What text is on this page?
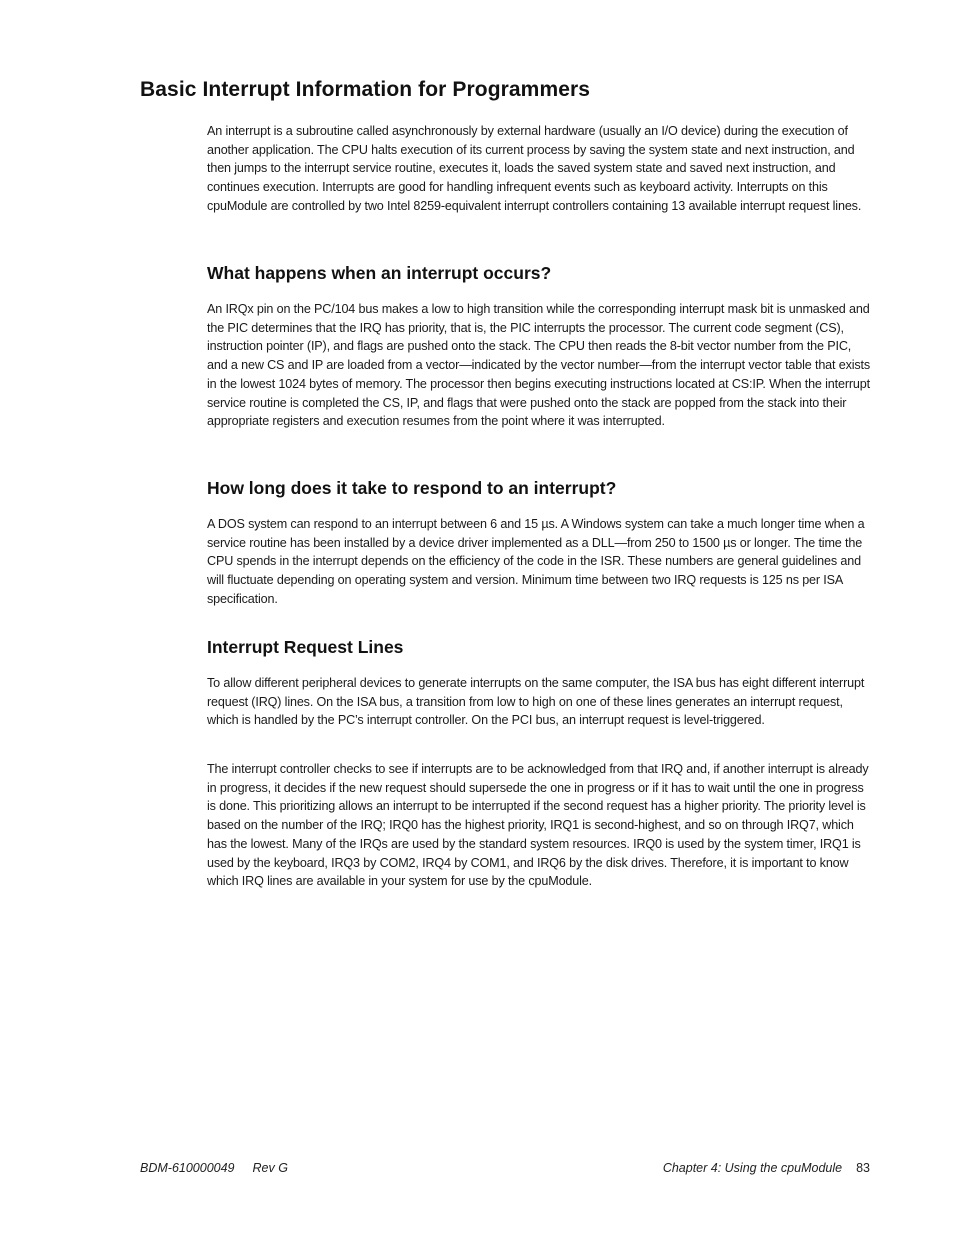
Basic Interrupt Information for Programmers

An interrupt is a subroutine called asynchronously by external hardware (usually an I/O device) during the execution of another application. The CPU halts execution of its current process by saving the system state and next instruction, and then jumps to the interrupt service routine, executes it, loads the saved system state and saved next instruction, and continues execution. Interrupts are good for handling infrequent events such as keyboard activity. Interrupts on this cpuModule are controlled by two Intel 8259-equivalent interrupt controllers containing 13 available interrupt request lines.

What happens when an interrupt occurs?

An IRQx pin on the PC/104 bus makes a low to high transition while the corresponding interrupt mask bit is unmasked and the PIC determines that the IRQ has priority, that is, the PIC interrupts the processor. The current code segment (CS), instruction pointer (IP), and flags are pushed onto the stack. The CPU then reads the 8-bit vector number from the PIC, and a new CS and IP are loaded from a vector—indicated by the vector number—from the interrupt vector table that exists in the lowest 1024 bytes of memory. The processor then begins executing instructions located at CS:IP. When the interrupt service routine is completed the CS, IP, and flags that were pushed onto the stack are popped from the stack into their appropriate registers and execution resumes from the point where it was interrupted.

How long does it take to respond to an interrupt?

A DOS system can respond to an interrupt between 6 and 15 µs. A Windows system can take a much longer time when a service routine has been installed by a device driver implemented as a DLL—from 250 to 1500 µs or longer. The time the CPU spends in the interrupt depends on the efficiency of the code in the ISR. These numbers are general guidelines and will fluctuate depending on operating system and version. Minimum time between two IRQ requests is 125 ns per ISA specification.

Interrupt Request Lines

To allow different peripheral devices to generate interrupts on the same computer, the ISA bus has eight different interrupt request (IRQ) lines. On the ISA bus, a transition from low to high on one of these lines generates an interrupt request, which is handled by the PC’s interrupt controller. On the PCI bus, an interrupt request is level-triggered.

The interrupt controller checks to see if interrupts are to be acknowledged from that IRQ and, if another interrupt is already in progress, it decides if the new request should supersede the one in progress or if it has to wait until the one in progress is done. This prioritizing allows an interrupt to be interrupted if the second request has a higher priority. The priority level is based on the number of the IRQ; IRQ0 has the highest priority, IRQ1 is second-highest, and so on through IRQ7, which has the lowest. Many of the IRQs are used by the standard system resources. IRQ0 is used by the system timer, IRQ1 is used by the keyboard, IRQ3 by COM2, IRQ4 by COM1, and IRQ6 by the disk drives. Therefore, it is important to know which IRQ lines are available in your system for use by the cpuModule.

BDM-610000049 Rev G	Chapter 4: Using the cpuModule 83
